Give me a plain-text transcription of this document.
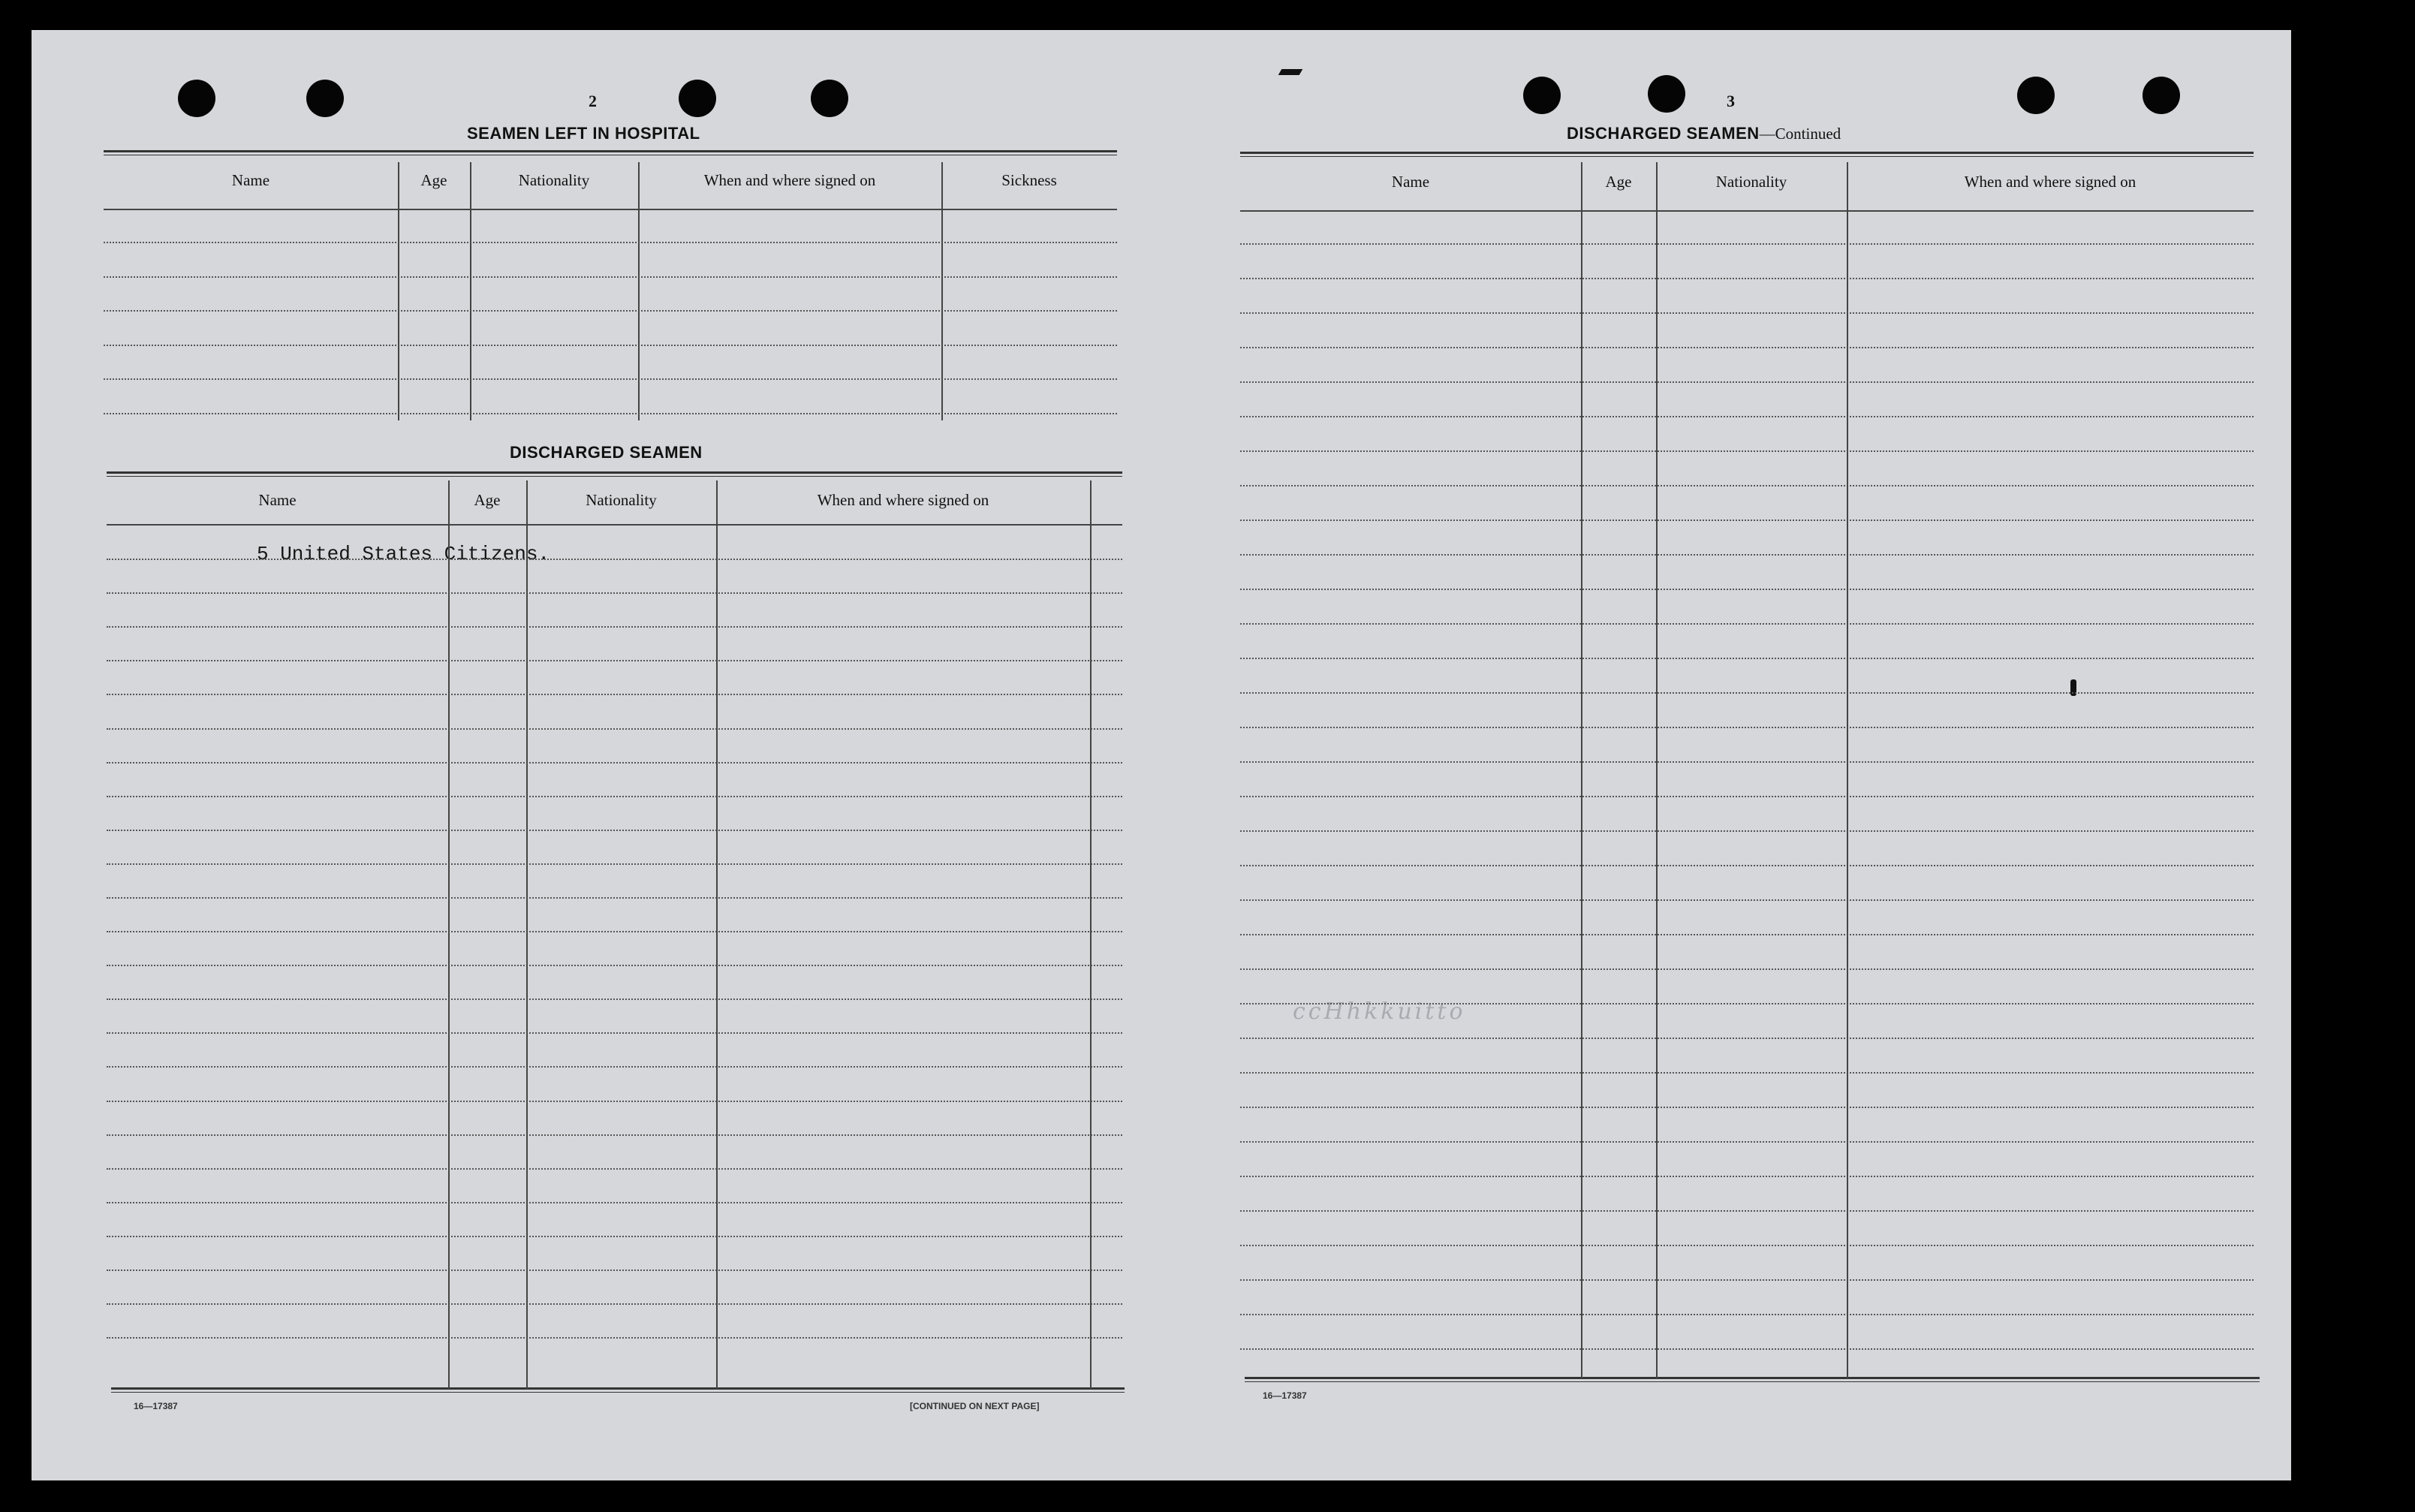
2
SEAMEN LEFT IN HOSPITAL
DISCHARGED SEAMEN
5 United States Citizens.
16—17387	[CONTINUED ON NEXT PAGE]
3
DISCHARGED SEAMEN—Continued
ccHhkkuitto
16—17387
Name	Age	Nationality	When and where signed on	Sickness
Name	Age	Nationality	When and where signed on
Name	Age	Nationality	When and where signed on
